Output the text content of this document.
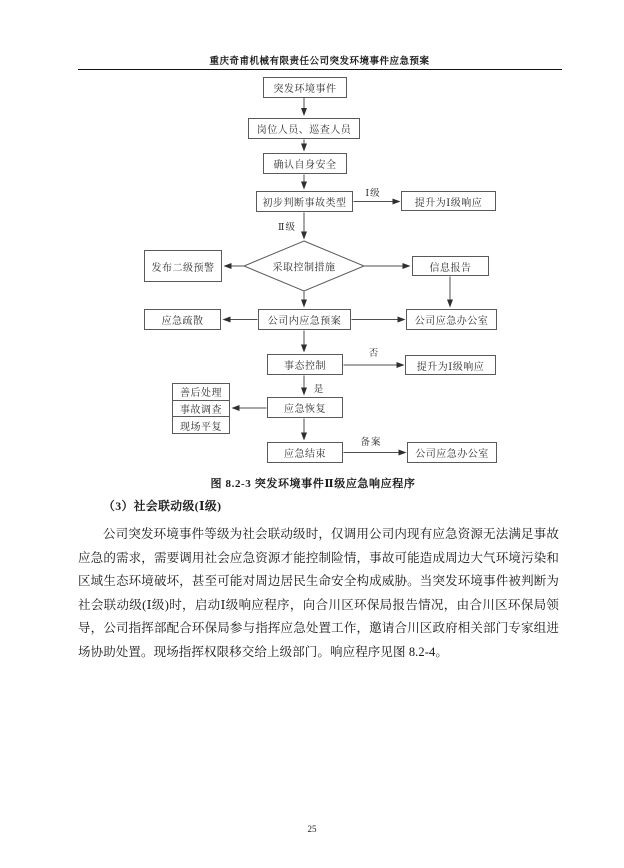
重庆奇甫机械有限责任公司突发环境事件应急预案
突发环境事件
岗位人员、巡查人员
确认自身安全
初步判断事故类型	提升为Ⅰ级响应
采取控制措施
发布二级预警	信息报告
应急疏散	公司内应急预案	公司应急办公室
事态控制	提升为Ⅰ级响应
善后处理
事故调查
现场平复
应急恢复
应急结束	公司应急办公室
Ⅰ级
Ⅱ级
否
是
备案
图 8.2-3 突发环境事件Ⅱ级应急响应程序
（3）社会联动级(Ⅰ级)

公司突发环境事件等级为社会联动级时，仅调用公司内现有应急资源无法满足事故应急的需求，需要调用社会应急资源才能控制险情，事故可能造成周边大气环境污染和区域生态环境破坏，甚至可能对周边居民生命安全构成威胁。当突发环境事件被判断为社会联动级(Ⅰ级)时，启动Ⅰ级响应程序，向合川区环保局报告情况，由合川区环保局领导，公司指挥部配合环保局参与指挥应急处置工作，邀请合川区政府相关部门专家组进场协助处置。现场指挥权限移交给上级部门。响应程序见图 8.2-4。

25
